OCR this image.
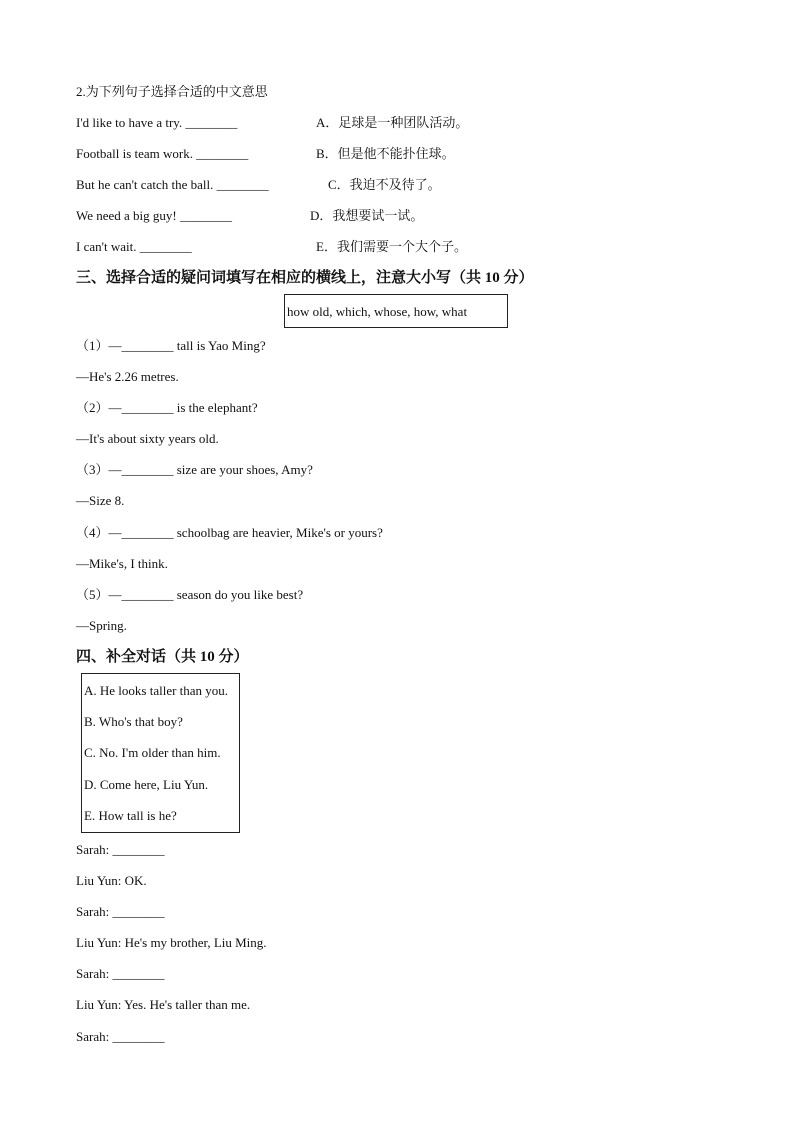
2.为下列句子选择合适的中文意思
I'd like to have a try. ________
Football is team work. ________
But he can't catch the ball. ________
We need a big guy! ________
I can't wait. ________
A．足球是一种团队活动。
B．但是他不能扑住球。
C．我迫不及待了。
D．我想要试一试。
E．我们需要一个大个子。
三、选择合适的疑问词填写在相应的横线上，注意大小写（共 10 分）
how old, which, whose, how, what
（1）—________ tall is Yao Ming?
—He's 2.26 metres.
（2）—________ is the elephant?
—It's about sixty years old.
（3）—________ size are your shoes, Amy?
—Size 8.
（4）—________ schoolbag are heavier, Mike's or yours?
—Mike's, I think.
（5）—________ season do you like best?
—Spring.
四、补全对话（共 10 分）
A. He looks taller than you.
B. Who's that boy?
C. No. I'm older than him.
D. Come here, Liu Yun.
E. How tall is he?
Sarah: ________
Liu Yun: OK.
Sarah: ________
Liu Yun: He's my brother, Liu Ming.
Sarah: ________
Liu Yun: Yes. He's taller than me.
Sarah: ________
